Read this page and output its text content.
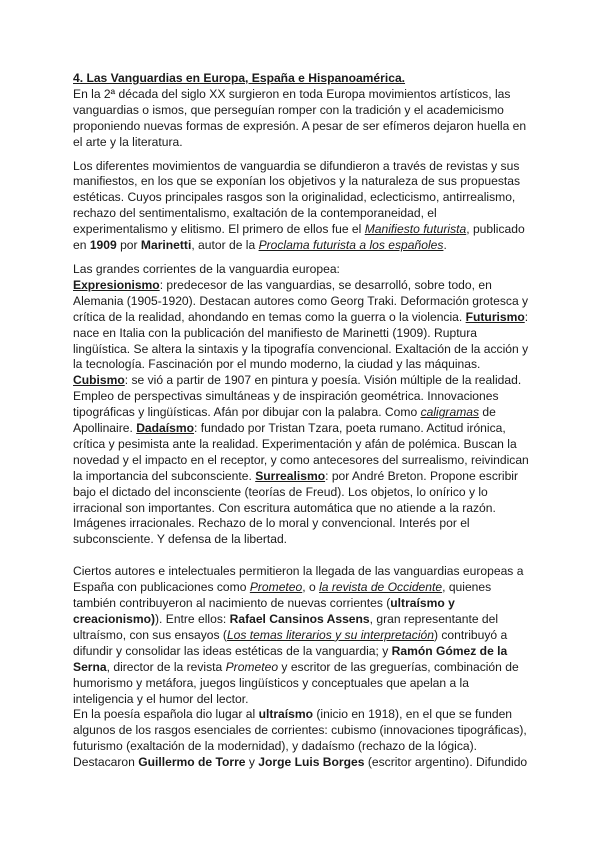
4. Las Vanguardias en Europa, España e Hispanoamérica.

En la 2ª década del siglo XX surgieron en toda Europa movimientos artísticos, las vanguardias o ismos, que perseguían romper con la tradición y el academicismo proponiendo nuevas formas de expresión. A pesar de ser efímeros dejaron huella en el arte y la literatura.

Los diferentes movimientos de vanguardia se difundieron a través de revistas y sus manifiestos, en los que se exponían los objetivos y la naturaleza de sus propuestas estéticas. Cuyos principales rasgos son la originalidad, eclecticismo, antirrealismo, rechazo del sentimentalismo, exaltación de la contemporaneidad, el experimentalismo y elitismo. El primero de ellos fue el Manifiesto futurista, publicado en 1909 por Marinetti, autor de la Proclama futurista a los españoles.

Las grandes corrientes de la vanguardia europea:
Expresionismo: predecesor de las vanguardias, se desarrolló, sobre todo, en Alemania (1905-1920). Destacan autores como Georg Traki. Deformación grotesca y crítica de la realidad, ahondando en temas como la guerra o la violencia. Futurismo: nace en Italia con la publicación del manifiesto de Marinetti (1909). Ruptura lingüística. Se altera la sintaxis y la tipografía convencional. Exaltación de la acción y la tecnología. Fascinación por el mundo moderno, la ciudad y las máquinas. Cubismo: se vió a partir de 1907 en pintura y poesía. Visión múltiple de la realidad. Empleo de perspectivas simultáneas y de inspiración geométrica. Innovaciones tipográficas y lingüísticas. Afán por dibujar con la palabra. Como caligramas de Apollinaire. Dadaísmo: fundado por Tristan Tzara, poeta rumano. Actitud irónica, crítica y pesimista ante la realidad. Experimentación y afán de polémica. Buscan la novedad y el impacto en el receptor, y como antecesores del surrealismo, reivindican la importancia del subconsciente. Surrealismo: por André Breton. Propone escribir bajo el dictado del inconsciente (teorías de Freud). Los objetos, lo onírico y lo irracional son importantes. Con escritura automática que no atiende a la razón. Imágenes irracionales. Rechazo de lo moral y convencional. Interés por el subconsciente. Y defensa de la libertad.

Ciertos autores e intelectuales permitieron la llegada de las vanguardias europeas a España con publicaciones como Prometeo, o la revista de Occidente, quienes también contribuyeron al nacimiento de nuevas corrientes (ultraísmo y creacionismo)). Entre ellos: Rafael Cansinos Assens, gran representante del ultraísmo, con sus ensayos (Los temas literarios y su interpretación) contribuyó a difundir y consolidar las ideas estéticas de la vanguardia; y Ramón Gómez de la Serna, director de la revista Prometeo y escritor de las greguerías, combinación de humorismo y metáfora, juegos lingüísticos y conceptuales que apelan a la inteligencia y el humor del lector.

En la poesía española dio lugar al ultraísmo (inicio en 1918), en el que se funden algunos de los rasgos esenciales de corrientes: cubismo (innovaciones tipográficas), futurismo (exaltación de la modernidad), y dadaísmo (rechazo de la lógica). Destacaron Guillermo de Torre y Jorge Luis Borges (escritor argentino). Difundido
